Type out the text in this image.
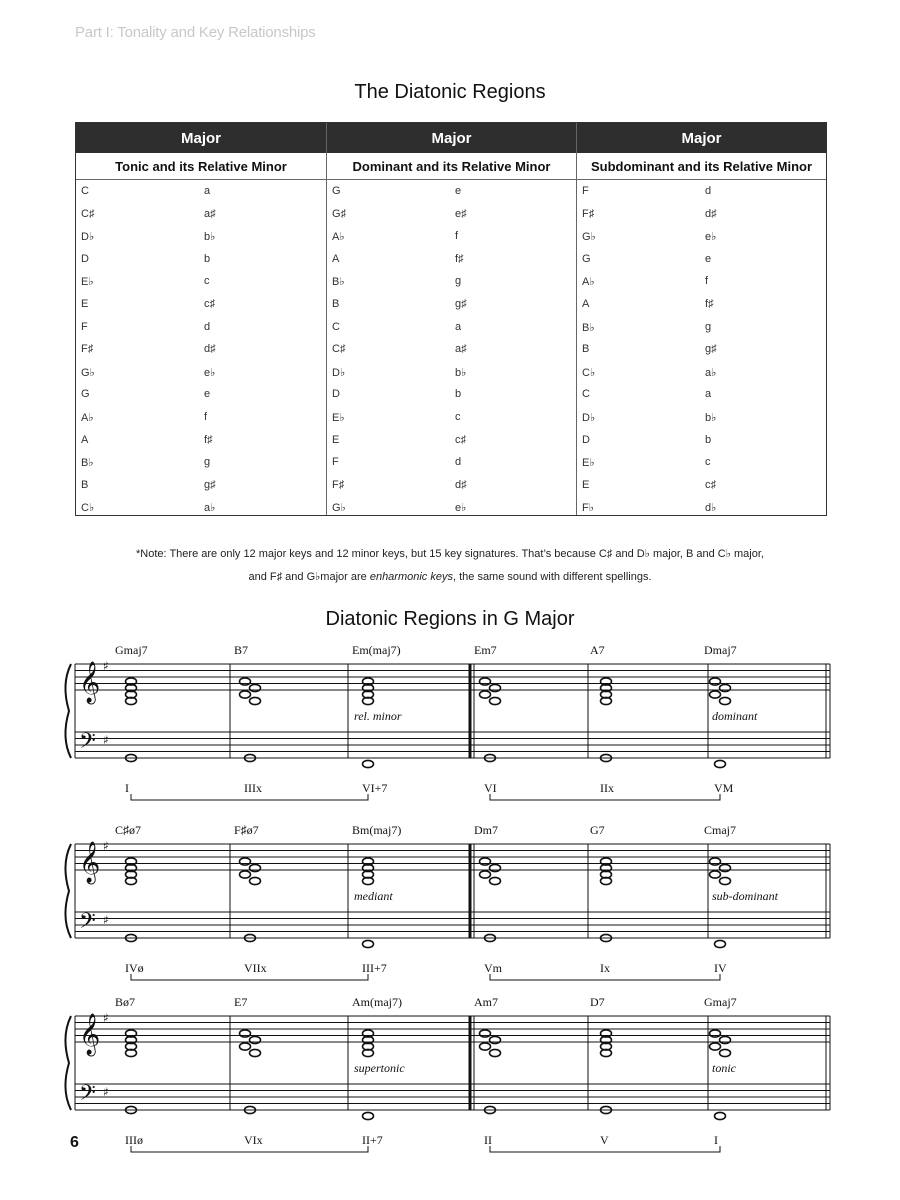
Part I: Tonality and Key Relationships
The Diatonic Regions
Major
Tonic and its Relative Minor
C	a
C♯	a♯
D♭	b♭
D	b
E♭	c
E	c♯
F	d
F♯	d♯
G♭	e♭
G	e
A♭	f
A	f♯
B♭	g
B	g♯
C♭	a♭
Major
Dominant and its Relative Minor
G	e
G♯	e♯
A♭	f
A	f♯
B♭	g
B	g♯
C	a
C♯	a♯
D♭	b♭
D	b
E♭	c
E	c♯
F	d
F♯	d♯
G♭	e♭
Major
Subdominant and its Relative Minor
F	d
F♯	d♯
G♭	e♭
G	e
A♭	f
A	f♯
B♭	g
B	g♯
C♭	a♭
C	a
D♭	b♭
D	b
E♭	c
E	c♯
F♭	d♭
*Note: There are only 12 major keys and 12 minor keys, but 15 key signatures. That’s because C♯ and D♭ major, B and C♭ major,
and F♯ and G♭major are enharmonic keys, the same sound with different spellings.
Diatonic Regions in G Major
𝄞
𝄢
♯
♯
Gmaj7
I
B7
IIIx
Em(maj7)
VI+7
Em7
VI
A7
IIx
Dmaj7
VM
rel. minor	dominant
𝄞
𝄢
♯
♯
C♯ø7
IVø
F♯ø7
VIIx
Bm(maj7)
III+7
Dm7
Vm
G7
Ix
Cmaj7
IV
mediant	sub-dominant
𝄞
𝄢
♯
♯
Bø7
IIIø
E7
VIx
Am(maj7)
II+7
Am7
II
D7
V
Gmaj7
I
supertonic	tonic
6
